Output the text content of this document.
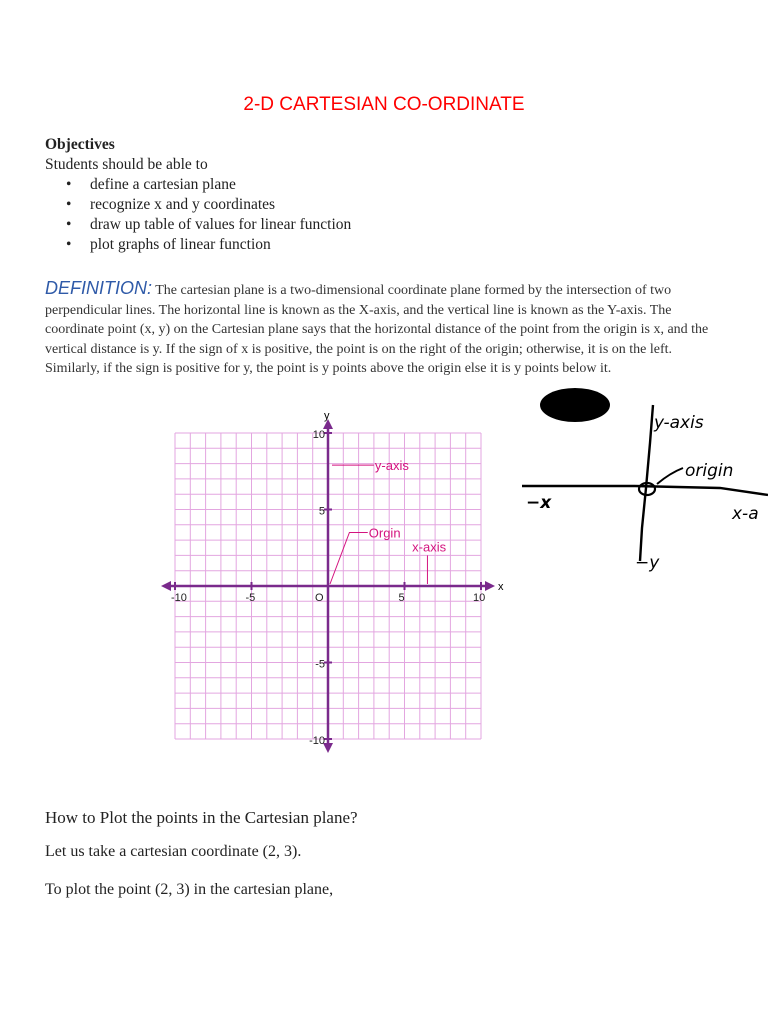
2-D CARTESIAN CO-ORDINATE
Objectives
Students should be able to
• define a cartesian plane
• recognize x and y coordinates
• draw up table of values for linear function
• plot graphs of linear function
DEFINITION: The cartesian plane is a two-dimensional coordinate plane formed by the intersection of two perpendicular lines. The horizontal line is known as the X-axis, and the vertical line is known as the Y-axis. The coordinate point (x, y) on the Cartesian plane says that the horizontal distance of the point from the origin is x, and the vertical distance is y. If the sign of x is positive, the point is on the right of the origin; otherwise, it is on the left. Similarly, if the sign is positive for y, the point is y points above the origin else it is y points below it.
x
y
-10	-5	O	5	10
10
5
-5
-10
y-axis
Orgin
x-axis
−x
y-axis
origin
x-a
−y
How to Plot the points in the Cartesian plane?
Let us take a cartesian coordinate (2, 3).
To plot the point (2, 3) in the cartesian plane,
